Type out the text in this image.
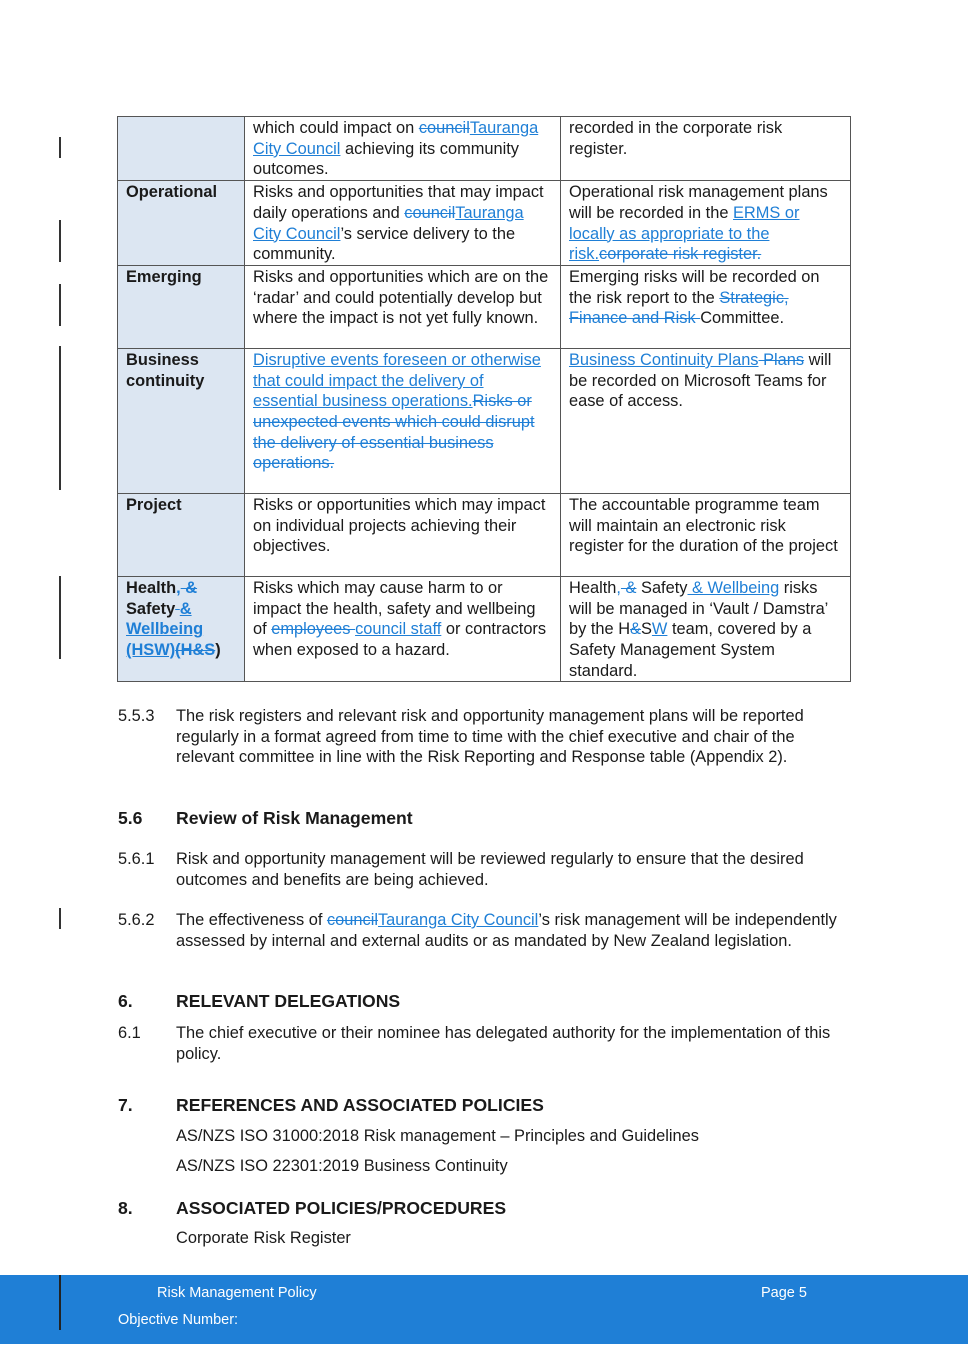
	which could impact on councilTauranga City Council achieving its community outcomes.	recorded in the corporate risk register.
Operational	Risks and opportunities that may impact daily operations and councilTauranga City Council’s service delivery to the community.	Operational risk management plans will be recorded in the ERMS or locally as appropriate to the risk.corporate risk register.
Emerging	Risks and opportunities which are on the ‘radar’ and could potentially develop but where the impact is not yet fully known.	Emerging risks will be recorded on the risk report to the Strategic, Finance and Risk Committee.
Business continuity	Disruptive events foreseen or otherwise that could impact the delivery of essential business operations.Risks or unexpected events which could disrupt the delivery of essential business operations.	Business Continuity Plans Plans will be recorded on Microsoft Teams for ease of access.
Project	Risks or opportunities which may impact on individual projects achieving their objectives.	The accountable programme team will maintain an electronic risk register for the duration of the project
Health, & Safety & Wellbeing (HSW)(H&S)	Risks which may cause harm to or impact the health, safety and wellbeing of employees council staff or contractors when exposed to a hazard.	Health, & Safety & Wellbeing risks will be managed in ‘Vault / Damstra’ by the H&SW team, covered by a Safety Management System standard.
5.5.3 The risk registers and relevant risk and opportunity management plans will be reported regularly in a format agreed from time to time with the chief executive and chair of the relevant committee in line with the Risk Reporting and Response table (Appendix 2).
5.6 Review of Risk Management
5.6.1 Risk and opportunity management will be reviewed regularly to ensure that the desired outcomes and benefits are being achieved.
5.6.2 The effectiveness of councilTauranga City Council’s risk management will be independently assessed by internal and external audits or as mandated by New Zealand legislation.
6. RELEVANT DELEGATIONS
6.1 The chief executive or their nominee has delegated authority for the implementation of this policy.
7. REFERENCES AND ASSOCIATED POLICIES
AS/NZS ISO 31000:2018 Risk management – Principles and Guidelines
AS/NZS ISO 22301:2019 Business Continuity
8. ASSOCIATED POLICIES/PROCEDURES
Corporate Risk Register
Risk Management Policy	Page 5
Objective Number:
